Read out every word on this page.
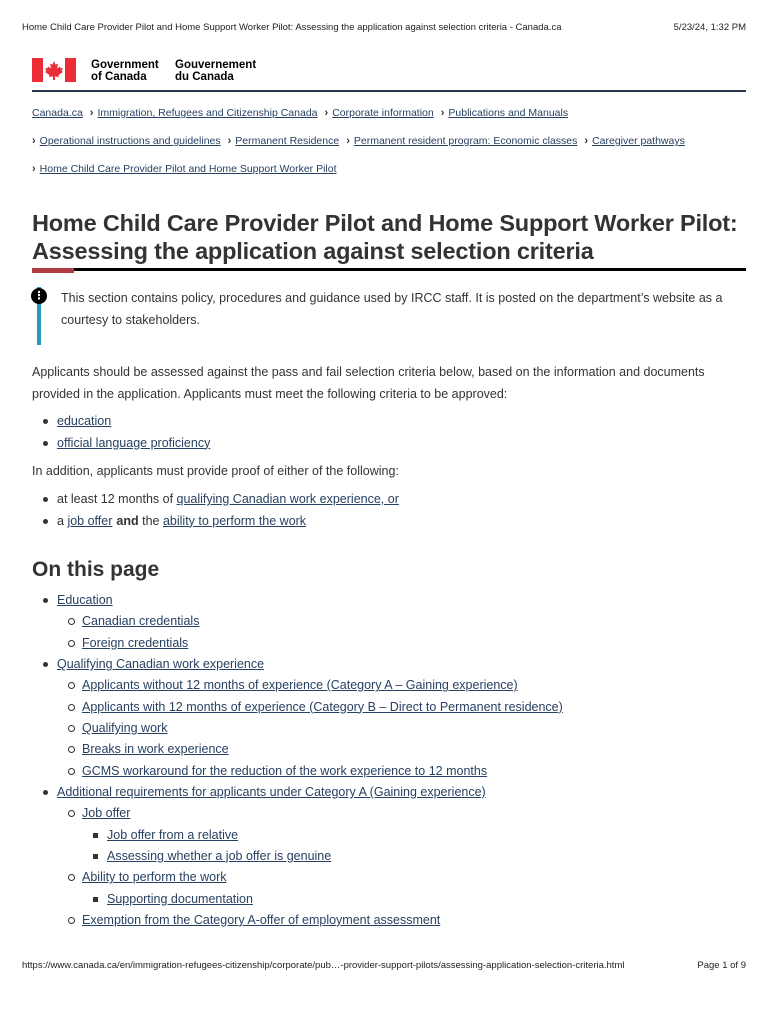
Home Child Care Provider Pilot and Home Support Worker Pilot: Assessing the application against selection criteria - Canada.ca	5/23/24, 1:32 PM
Government
of Canada
Gouvernement
du Canada
Canada.ca › Immigration, Refugees and Citizenship Canada › Corporate information › Publications and Manuals
› Operational instructions and guidelines › Permanent Residence › Permanent resident program: Economic classes › Caregiver pathways
› Home Child Care Provider Pilot and Home Support Worker Pilot
Home Child Care Provider Pilot and Home Support Worker Pilot: Assessing the application against selection criteria
⋮ This section contains policy, procedures and guidance used by IRCC staff. It is posted on the department’s website as a courtesy to stakeholders.

Applicants should be assessed against the pass and fail selection criteria below, based on the information and documents provided in the application. Applicants must meet the following criteria to be approved:

education
official language proficiency

In addition, applicants must provide proof of either of the following:

at least 12 months of qualifying Canadian work experience, or
a job offer and the ability to perform the work
On this page
Education
Canadian credentials
Foreign credentials
Qualifying Canadian work experience
Applicants without 12 months of experience (Category A – Gaining experience)
Applicants with 12 months of experience (Category B – Direct to Permanent residence)
Qualifying work
Breaks in work experience
GCMS workaround for the reduction of the work experience to 12 months
Additional requirements for applicants under Category A (Gaining experience)
Job offer
Job offer from a relative
Assessing whether a job offer is genuine
Ability to perform the work
Supporting documentation
Exemption from the Category A-offer of employment assessment
https://www.canada.ca/en/immigration-refugees-citizenship/corporate/pub…-provider-support-pilots/assessing-application-selection-criteria.html	Page 1 of 9
